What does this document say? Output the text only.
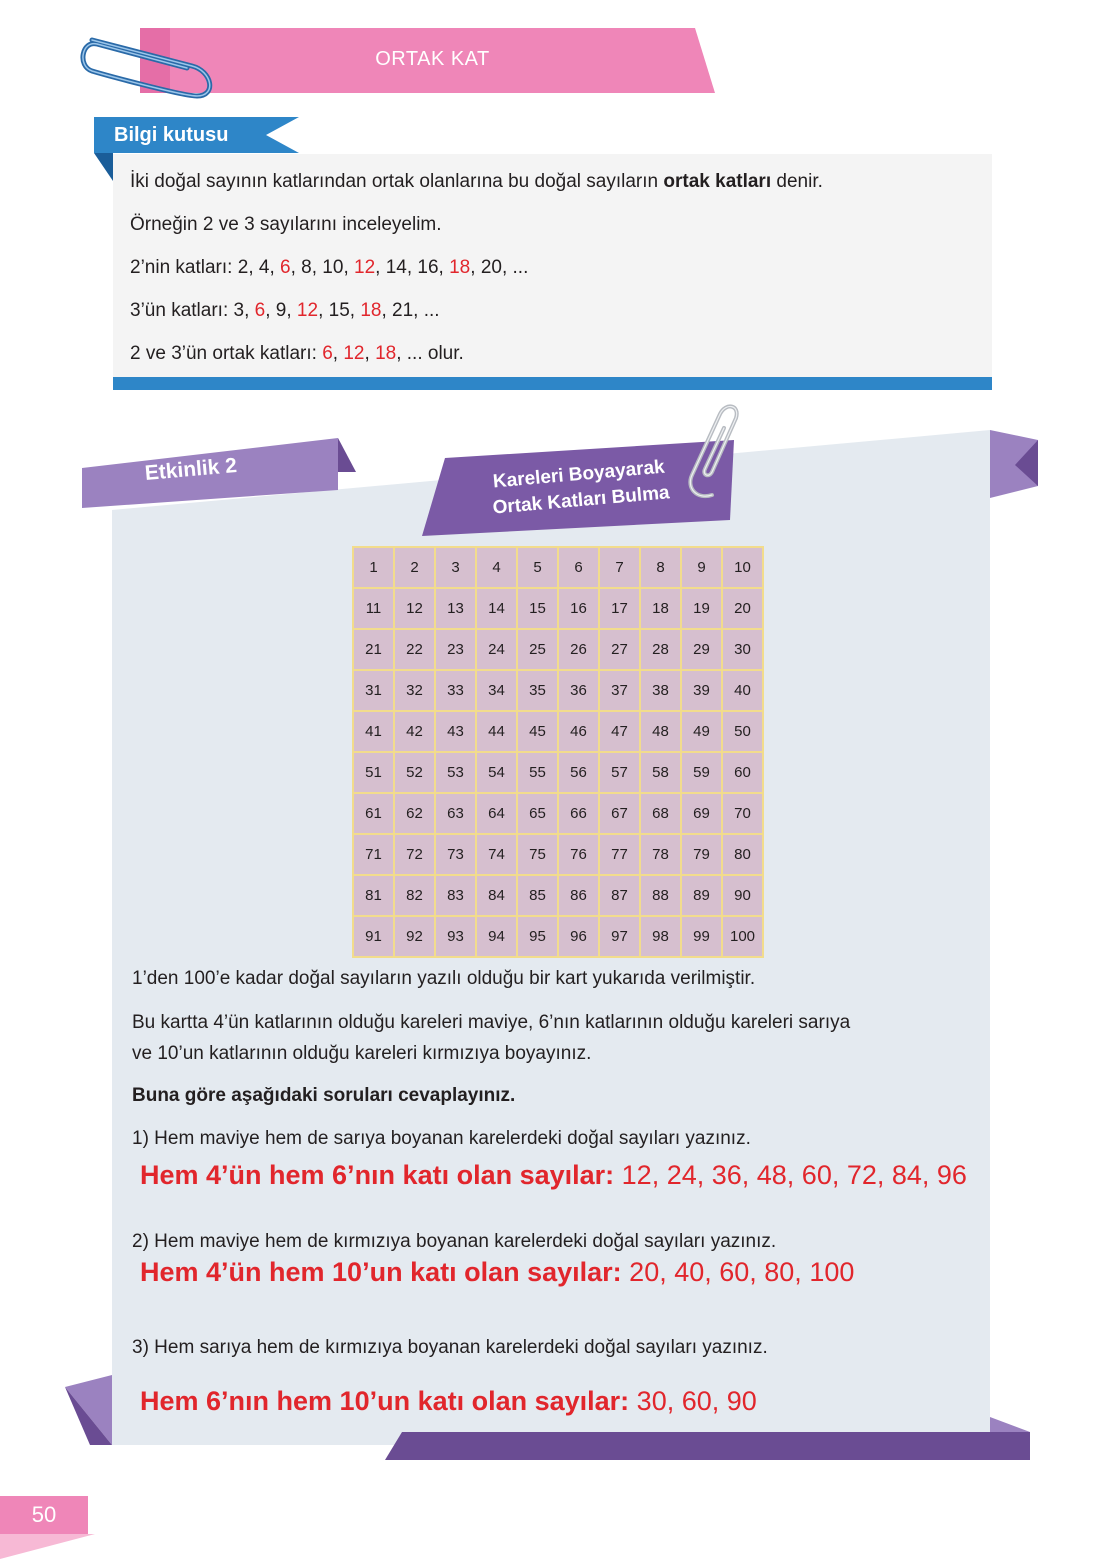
ORTAK KAT
Bilgi kutusu
İki doğal sayının katlarından ortak olanlarına bu doğal sayıların ortak katları denir.
Örneğin 2 ve 3 sayılarını inceleyelim.
2’nin katları: 2, 4, 6, 8, 10, 12, 14, 16, 18, 20, ...
3’ün katları: 3, 6, 9, 12, 15, 18, 21, ...
2 ve 3’ün ortak katları: 6, 12, 18, ... olur.
Etkinlik 2	Kareleri Boyayarak
Ortak Katları Bulma
1	2	3	4	5	6	7	8	9	10
11	12	13	14	15	16	17	18	19	20
21	22	23	24	25	26	27	28	29	30
31	32	33	34	35	36	37	38	39	40
41	42	43	44	45	46	47	48	49	50
51	52	53	54	55	56	57	58	59	60
61	62	63	64	65	66	67	68	69	70
71	72	73	74	75	76	77	78	79	80
81	82	83	84	85	86	87	88	89	90
91	92	93	94	95	96	97	98	99	100
1’den 100’e kadar doğal sayıların yazılı olduğu bir kart yukarıda verilmiştir.
Bu kartta 4’ün katlarının olduğu kareleri maviye, 6’nın katlarının olduğu kareleri sarıya
ve 10’un katlarının olduğu kareleri kırmızıya boyayınız.
Buna göre aşağıdaki soruları cevaplayınız.
1) Hem maviye hem de sarıya boyanan karelerdeki doğal sayıları yazınız.
Hem 4’ün hem 6’nın katı olan sayılar: 12, 24, 36, 48, 60, 72, 84, 96
2) Hem maviye hem de kırmızıya boyanan karelerdeki doğal sayıları yazınız.
Hem 4’ün hem 10’un katı olan sayılar: 20, 40, 60, 80, 100
3) Hem sarıya hem de kırmızıya boyanan karelerdeki doğal sayıları yazınız.
Hem 6’nın hem 10’un katı olan sayılar: 30, 60, 90
50
